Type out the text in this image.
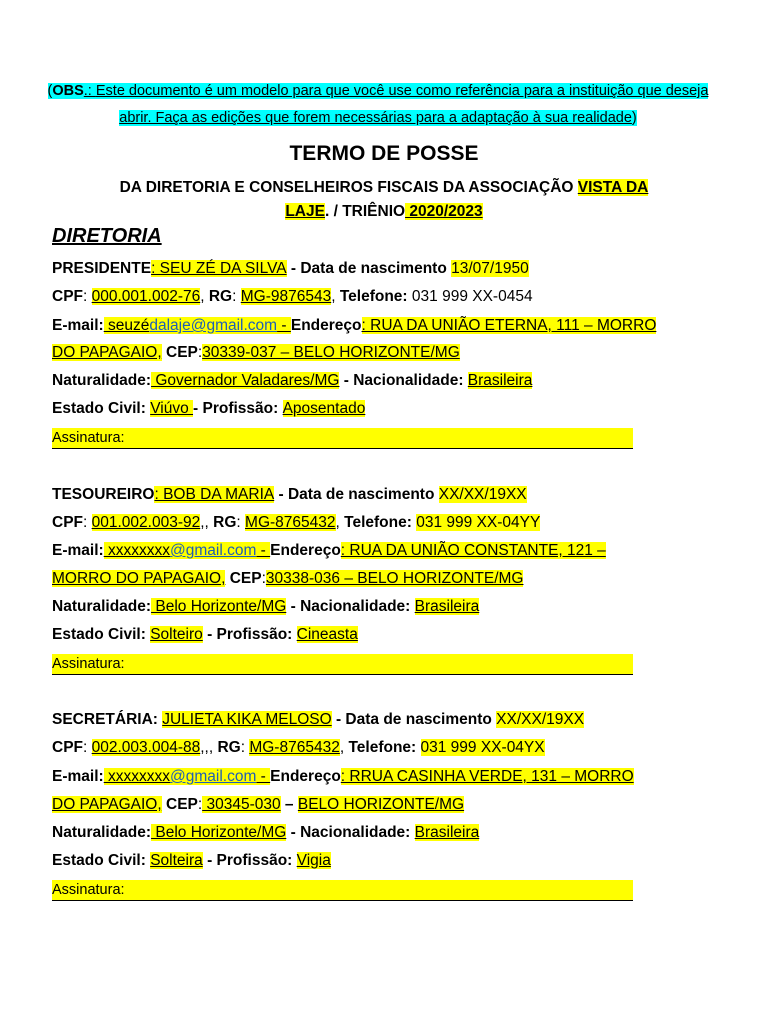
(OBS.: Este documento é um modelo para que você use como referência para a instituição que deseja
abrir. Faça as edições que forem necessárias para a adaptação à sua realidade)
TERMO DE POSSE
DA DIRETORIA E CONSELHEIROS FISCAIS DA ASSOCIAÇÃO VISTA DA
LAJE. / TRIÊNIO 2020/2023
DIRETORIA
PRESIDENTE: SEU ZÉ DA SILVA - Data de nascimento 13/07/1950
CPF: 000.001.002-76, RG: MG-9876543, Telefone: 031 999 XX-0454
E-mail: seuzédalaje@gmail.com - Endereço: RUA DA UNIÃO ETERNA, 111 – MORRO
DO PAPAGAIO, CEP:30339-037 – BELO HORIZONTE/MG
Naturalidade: Governador Valadares/MG - Nacionalidade: Brasileira
Estado Civil: Viúvo - Profissão: Aposentado
Assinatura:
TESOUREIRO: BOB DA MARIA - Data de nascimento XX/XX/19XX
CPF: 001.002.003-92,, RG: MG-8765432, Telefone: 031 999 XX-04YY
E-mail: xxxxxxxx@gmail.com - Endereço: RUA DA UNIÃO CONSTANTE, 121 –
MORRO DO PAPAGAIO, CEP:30338-036 – BELO HORIZONTE/MG
Naturalidade: Belo Horizonte/MG - Nacionalidade: Brasileira
Estado Civil: Solteiro - Profissão: Cineasta
Assinatura:
SECRETÁRIA: JULIETA KIKA MELOSO - Data de nascimento XX/XX/19XX
CPF: 002.003.004-88,,, RG: MG-8765432, Telefone: 031 999 XX-04YX
E-mail: xxxxxxxx@gmail.com - Endereço: RRUA CASINHA VERDE, 131 – MORRO
DO PAPAGAIO, CEP: 30345-030 – BELO HORIZONTE/MG
Naturalidade: Belo Horizonte/MG - Nacionalidade: Brasileira
Estado Civil: Solteira - Profissão: Vigia
Assinatura:
